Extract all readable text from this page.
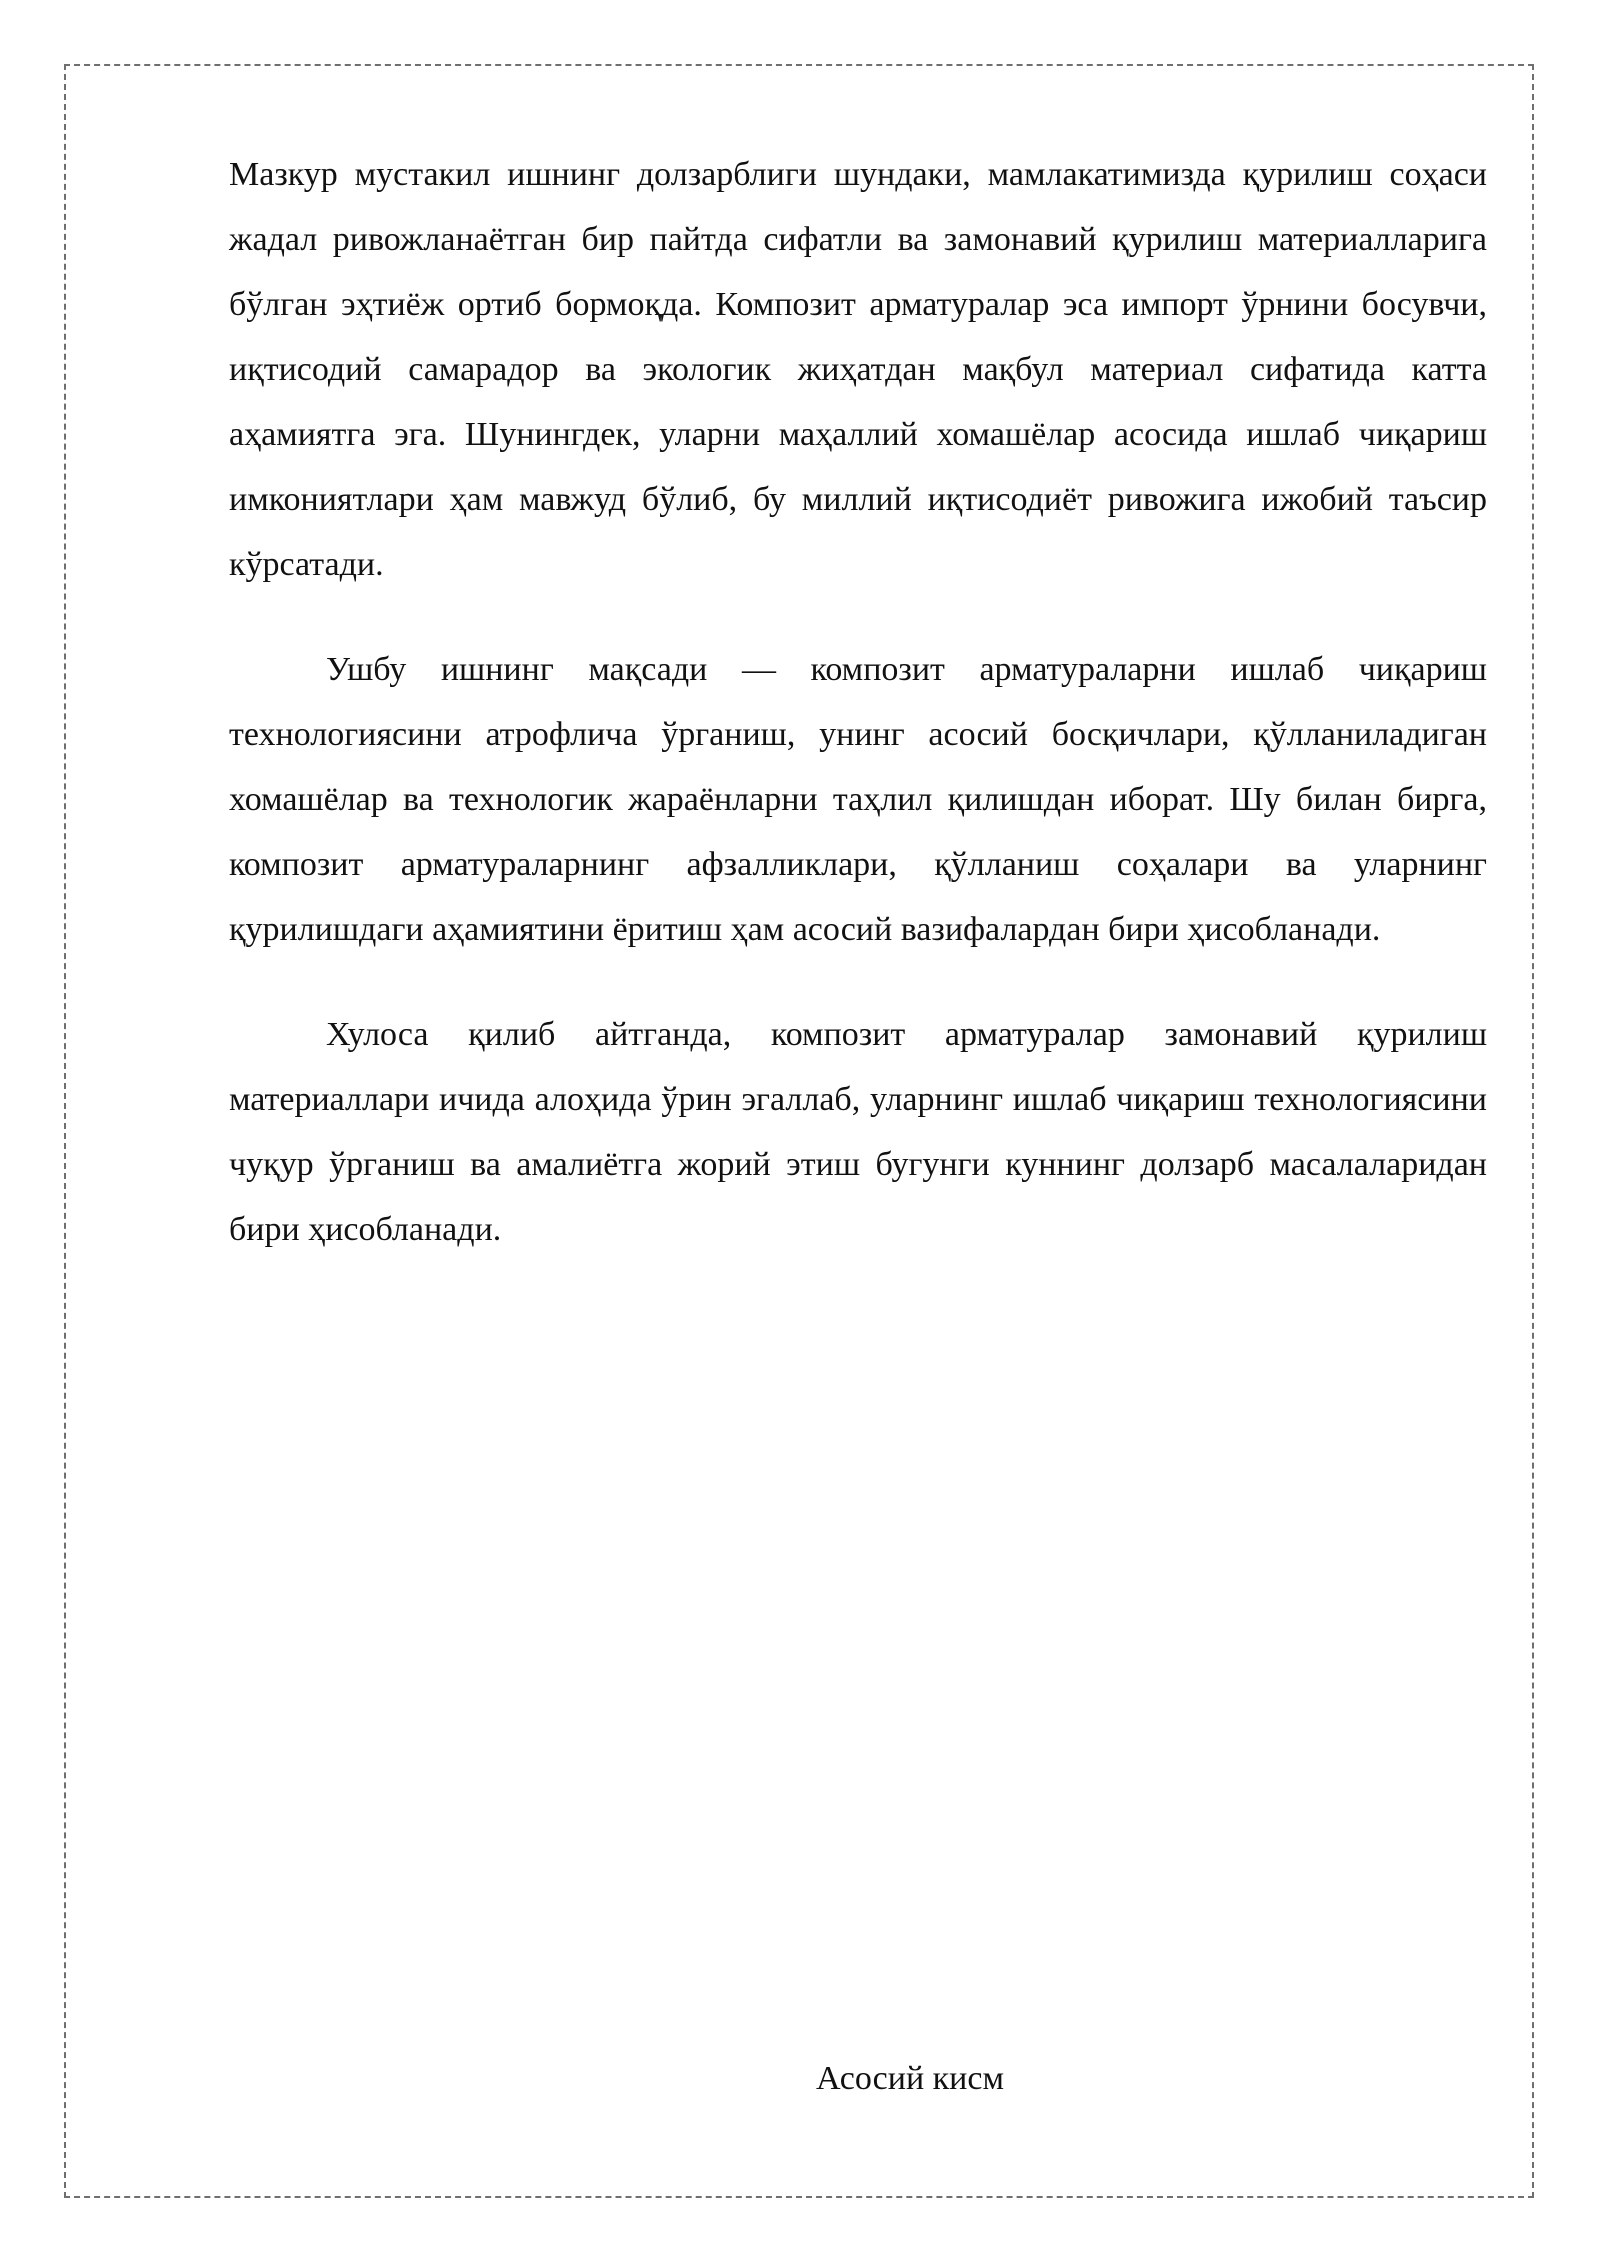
Мазкур мустакил ишнинг долзарблиги шундаки, мамлакатимизда қурилиш соҳаси жадал ривожланаётган бир пайтда сифатли ва замонавий қурилиш материалларига бўлган эҳтиёж ортиб бормоқда. Композит арматуралар эса импорт ўрнини босувчи, иқтисодий самарадор ва экологик жиҳатдан мақбул материал сифатида катта аҳамиятга эга. Шунингдек, уларни маҳаллий хомашёлар асосида ишлаб чиқариш имкониятлари ҳам мавжуд бўлиб, бу миллий иқтисодиёт ривожига ижобий таъсир кўрсатади.

Ушбу ишнинг мақсади — композит арматураларни ишлаб чиқариш технологиясини атрофлича ўрганиш, унинг асосий босқичлари, қўлланиладиган хомашёлар ва технологик жараёнларни таҳлил қилишдан иборат. Шу билан бирга, композит арматураларнинг афзалликлари, қўлланиш соҳалари ва уларнинг қурилишдаги аҳамиятини ёритиш ҳам асосий вазифалардан бири ҳисобланади.

Хулоса қилиб айтганда, композит арматуралар замонавий қурилиш материаллари ичида алоҳида ўрин эгаллаб, уларнинг ишлаб чиқариш технологиясини чуқур ўрганиш ва амалиётга жорий этиш бугунги куннинг долзарб масалаларидан бири ҳисобланади.

Асосий кисм
